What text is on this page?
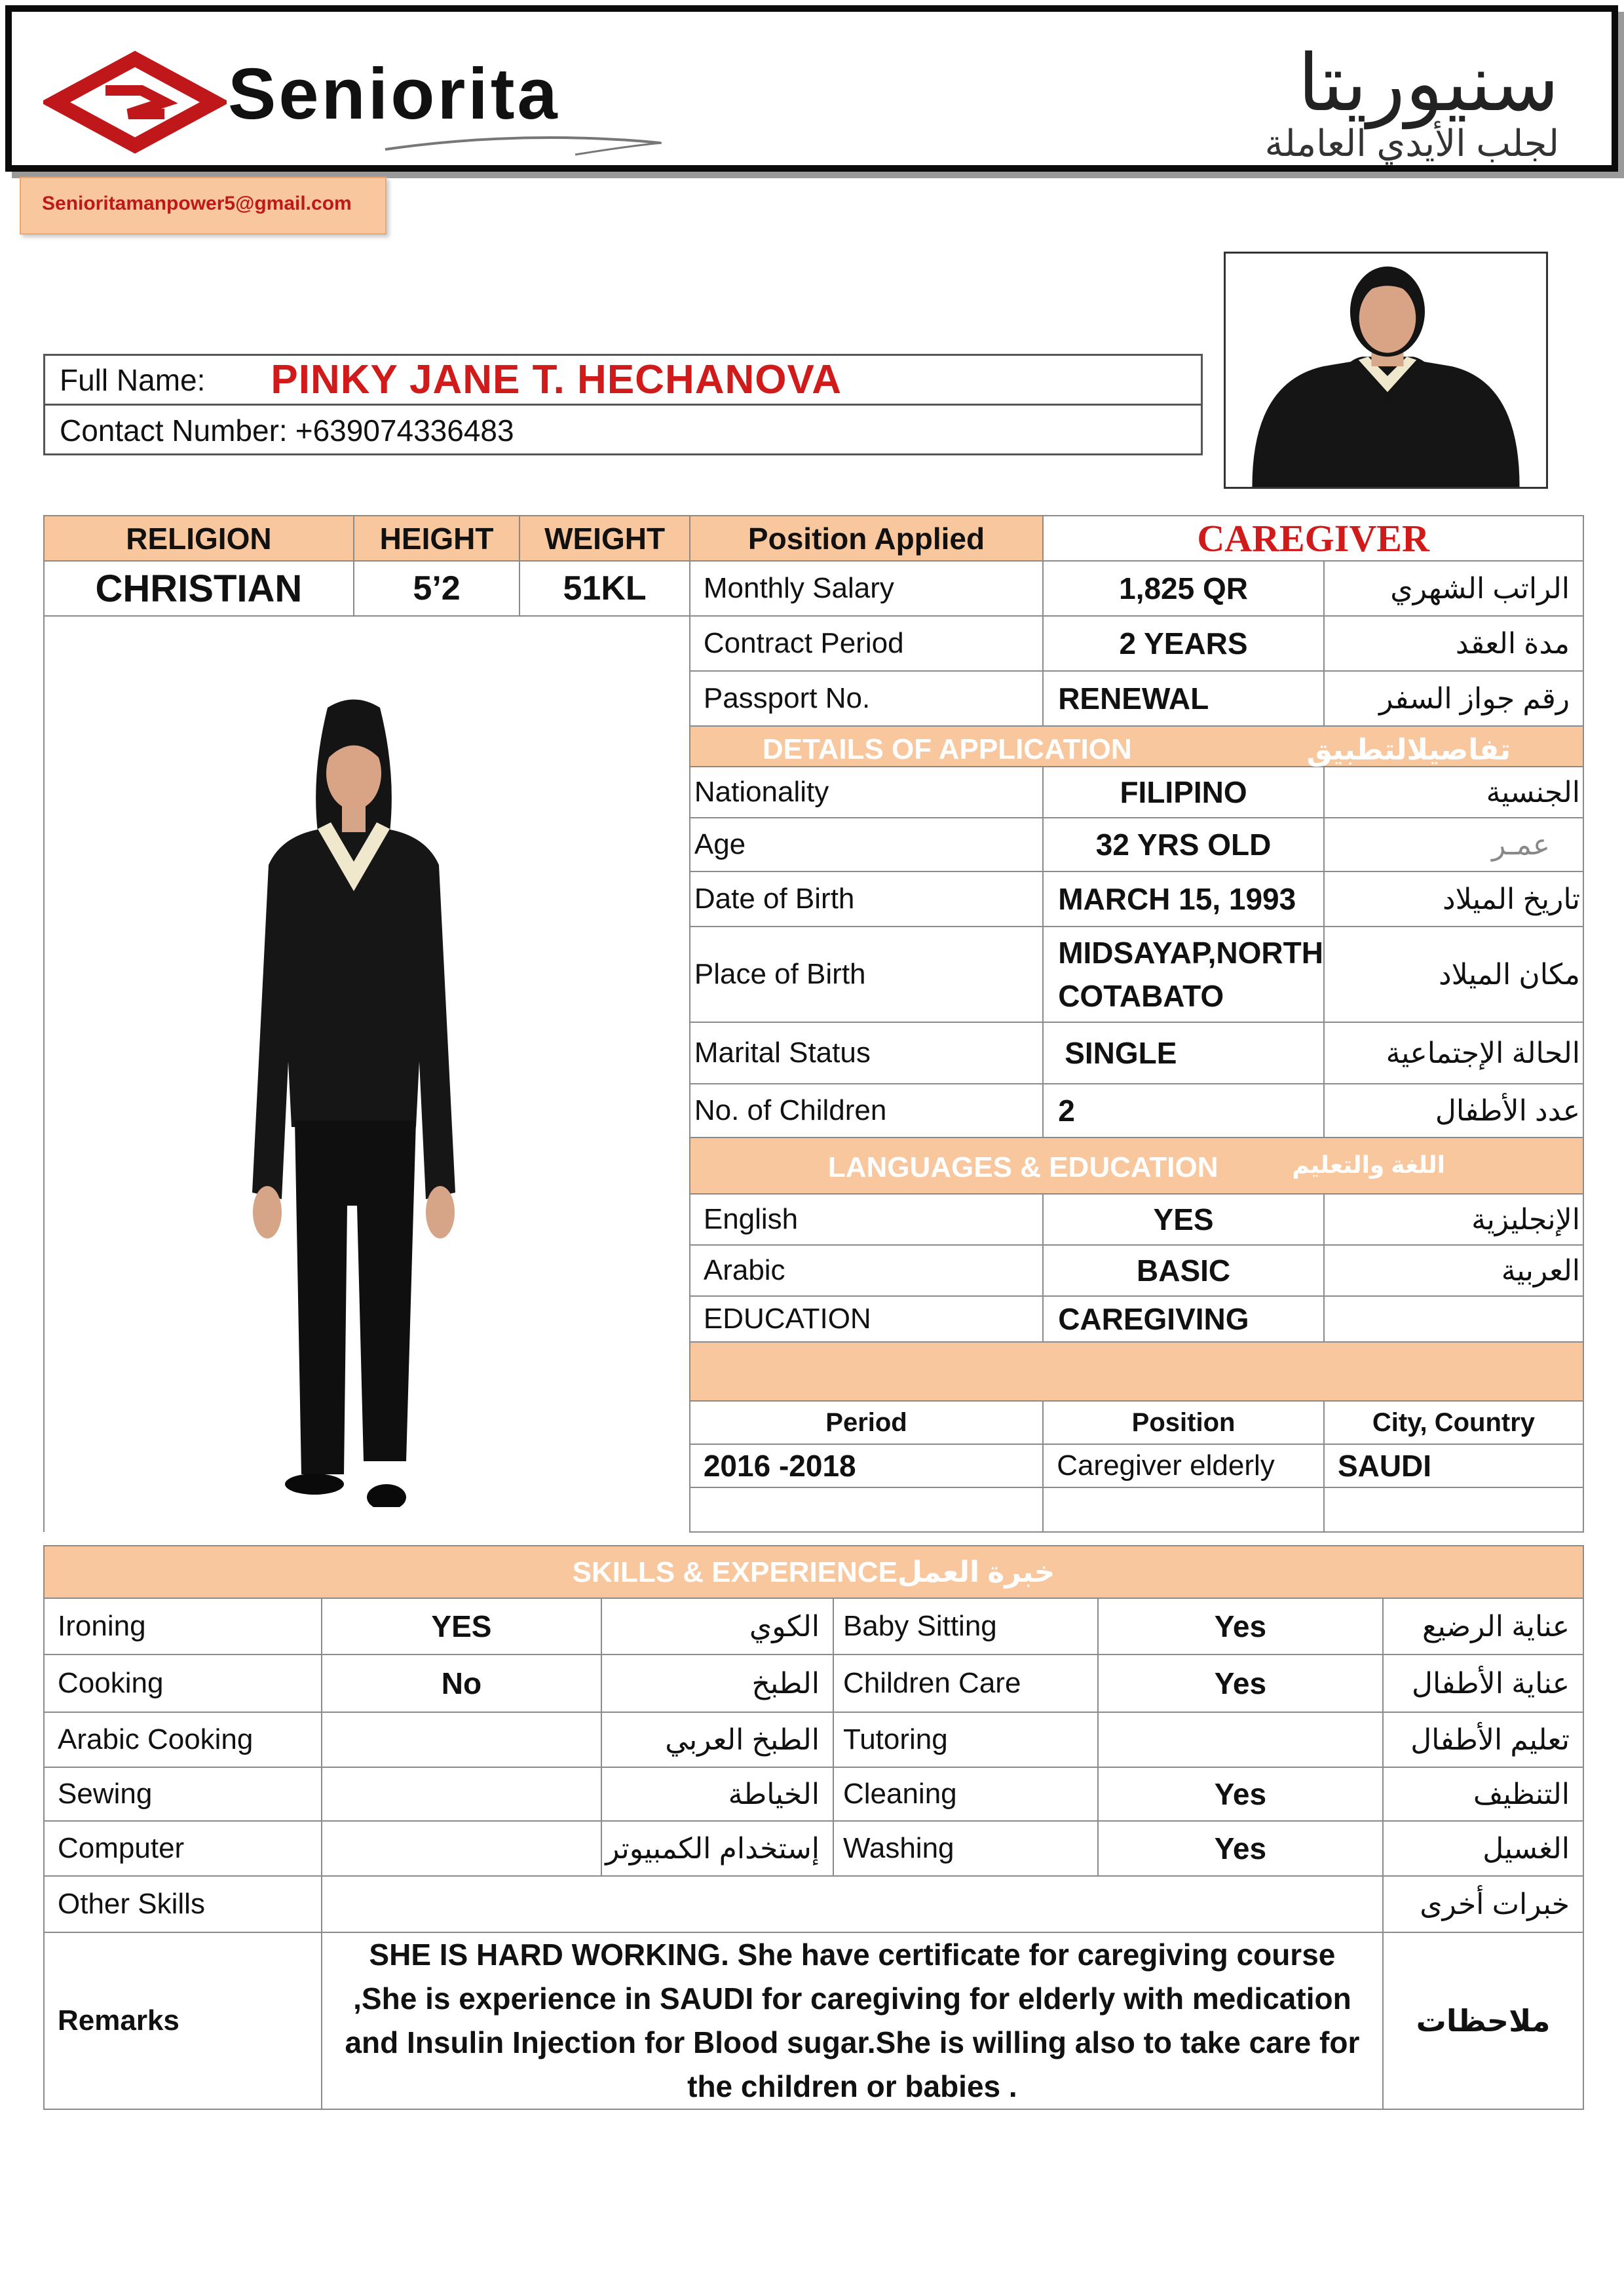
Seniorita	سنيوريتا
لجلب الأيدي العاملة
Senioritamanpower5@gmail.com
Full Name: PINKY JANE T. HECHANOVA
Contact Number: +639074336483
RELIGION	HEIGHT	WEIGHT	Position Applied	CAREGIVER	
CHRISTIAN	5’2	51KL	Monthly Salary	1,825 QR	الراتب الشهري
			Contract Period	2 YEARS	مدة العقد
			Passport No.	RENEWAL	رقم جواز السفر

			DETAILS OF APPLICATION تفاصيلالتطبيق		

			Nationality	FILIPINO	الجنسية
			Age	32 YRS OLD	عمـر
			Date of Birth	MARCH 15, 1993	تاريخ الميلاد
			Place of Birth	MIDSAYAP,NORTH COTABATO	مكان الميلاد
			Marital Status	SINGLE	الحالة الإجتماعية
			No. of Children	2	عدد الأطفال

			LANGUAGES & EDUCATION اللغة والتعليم		

			English	YES	الإنجليزية
			Arabic	BASIC	العربية
			EDUCATION	CAREGIVING	

			Period	Position	City, Country
			2016 -2018	Caregiver elderly	SAUDI

SKILLS & EXPERIENCEخبرة العمل					
Ironing	YES	الكوي	Baby Sitting	Yes	عناية الرضيع
Cooking	No	الطبخ	Children Care	Yes	عناية الأطفال
Arabic Cooking		الطبخ العربي	Tutoring		تعليم الأطفال
Sewing		الخياطة	Cleaning	Yes	التنظيف
Computer		إستخدام الكمبيوتر	Washing	Yes	الغسيل
Other Skills					خبرات أخرى
Remarks	SHE IS HARD WORKING. She have certificate for caregiving course ,She is experience in SAUDI for caregiving for elderly with medication and Insulin Injection for Blood sugar.She is willing also to take care for the children or babies .				ملاحظات
